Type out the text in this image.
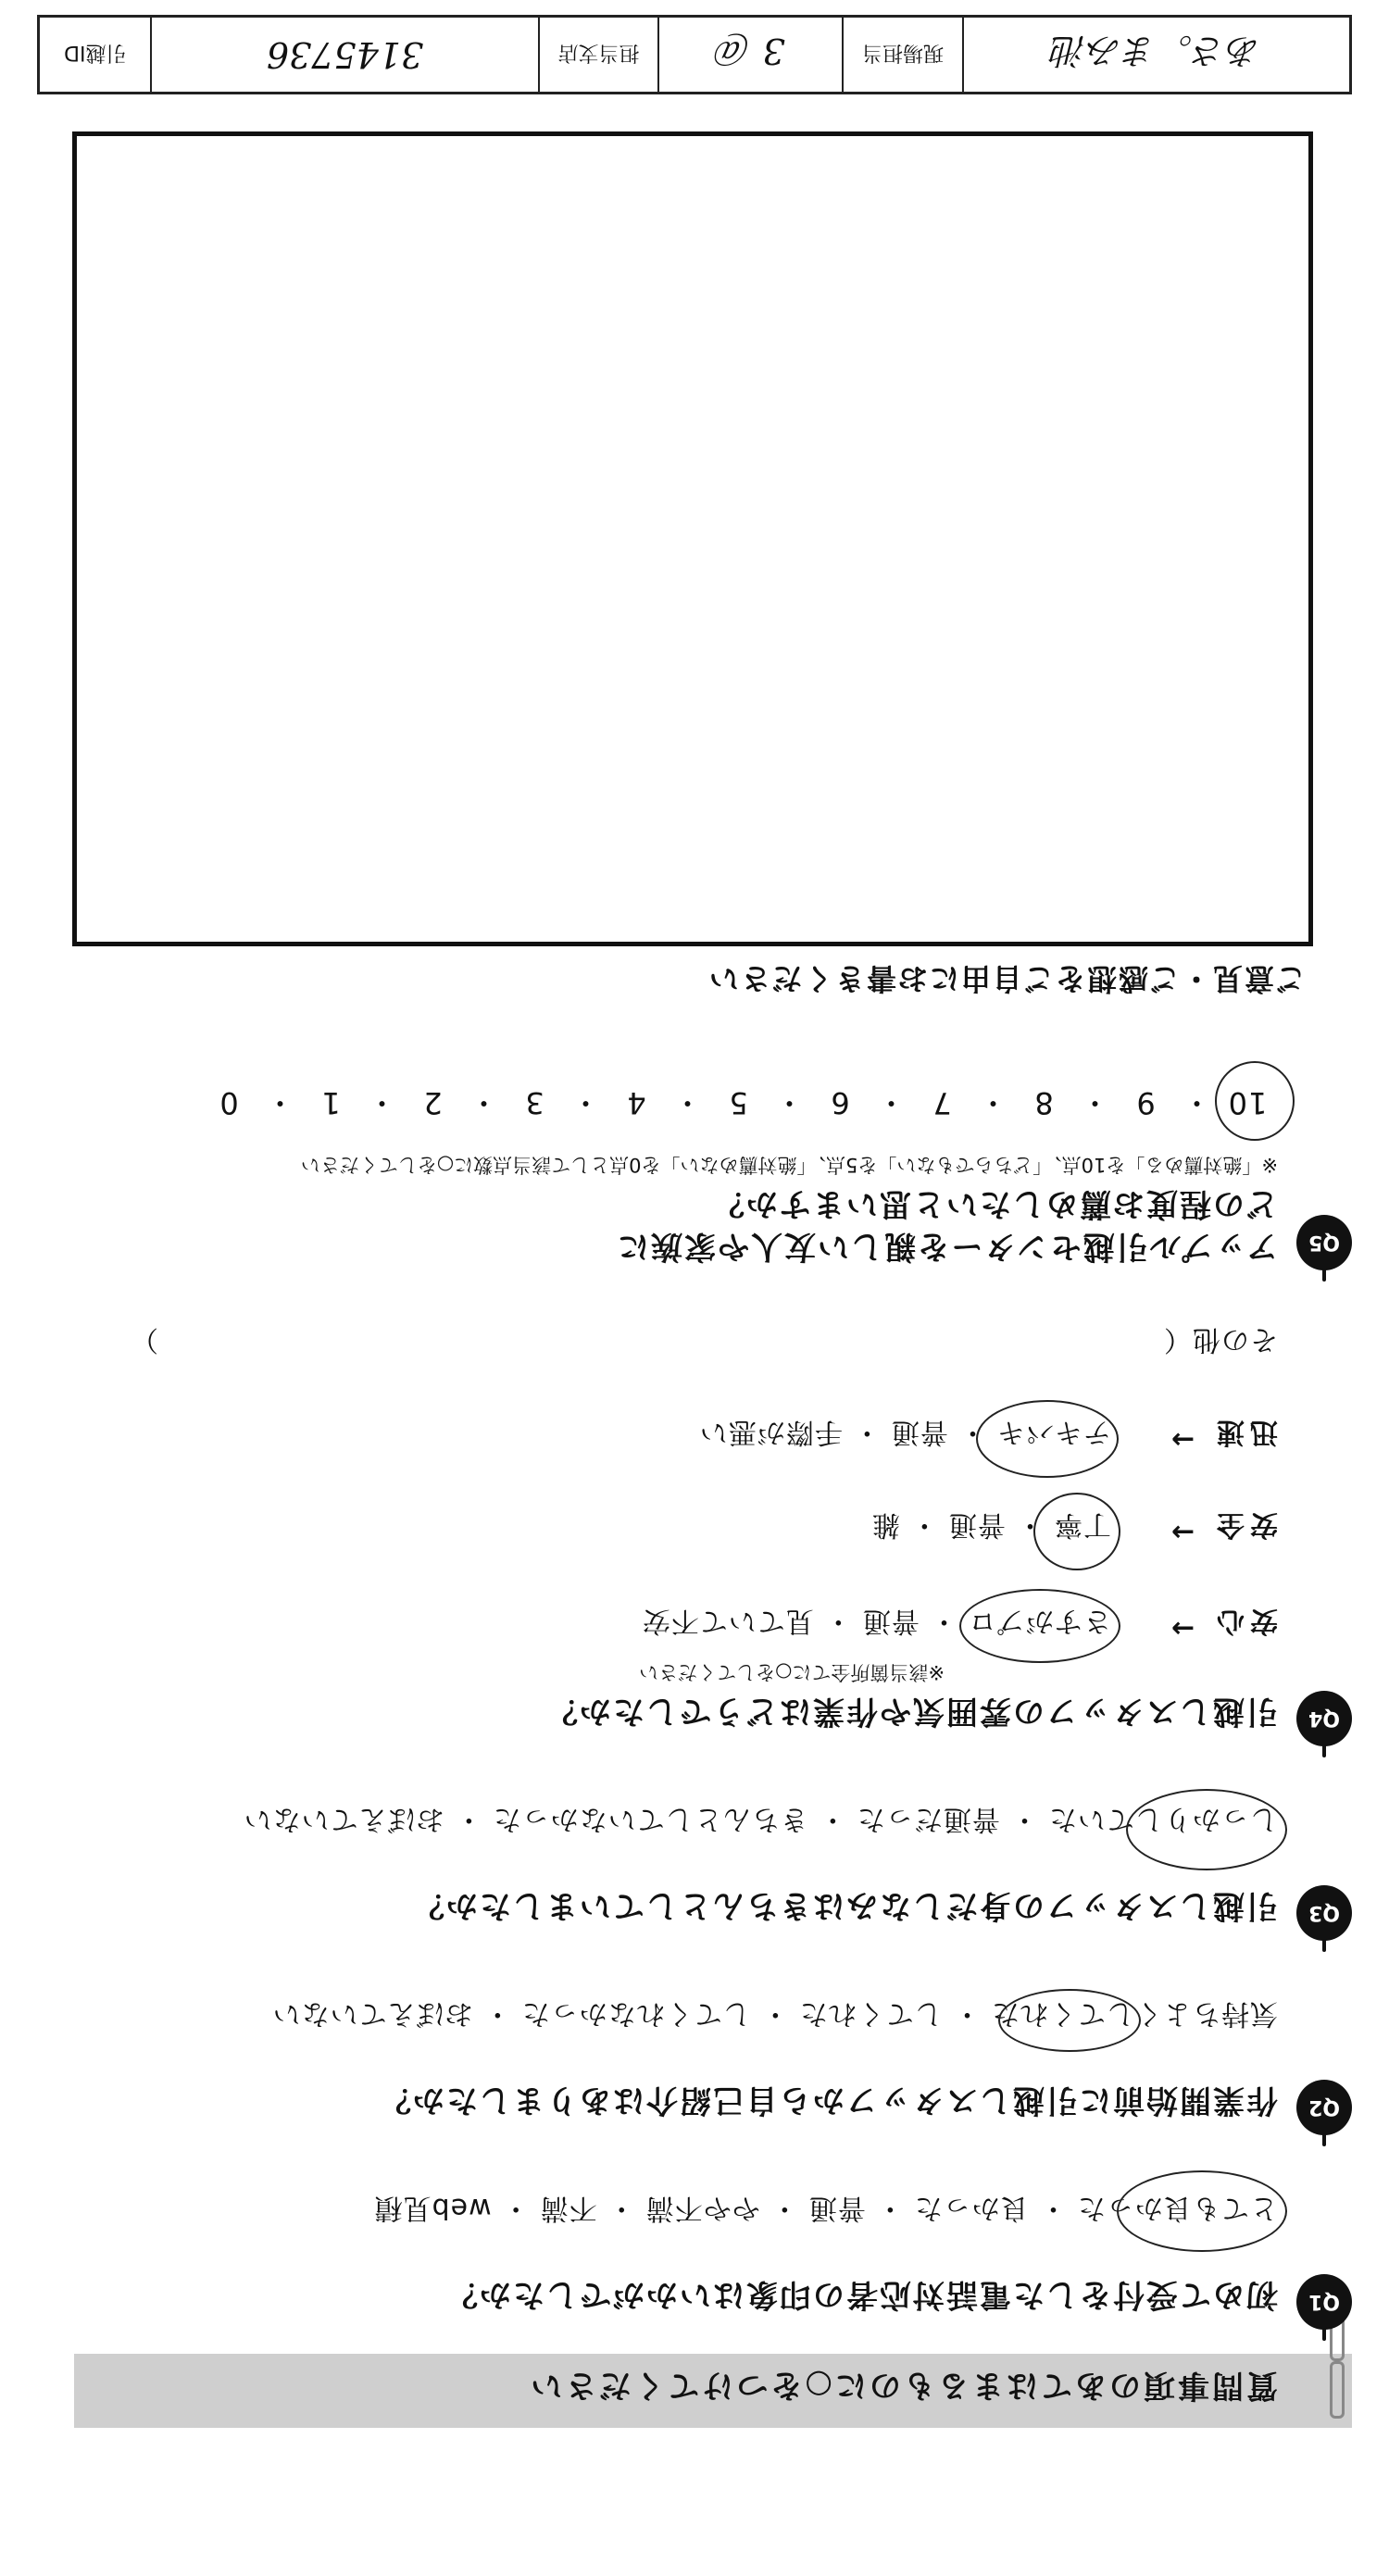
質問事項のあてはまるものに○をつけてください
Q1
初めて受付をした電話対応者の印象はいかがでしたか？
とても良かった ・ 良かった ・ 普通 ・ やや不満 ・ 不満 ・ web見積
Q2
作業開始前に引越しスタッフから自己紹介はありましたか？
気持ちよくしてくれた ・ してくれた ・ してくれなかった ・ おぼえていない
Q3
引越しスタッフの身だしなみはきちんとしていましたか？
しっかりしていた ・ 普通だった ・ きちんとしていなかった ・ おぼえていない
Q4
引越しスタッフの雰囲気や作業はどうでしたか？
※該当箇所全てに○をしてください
安心
→
さすがプロ ・ 普通 ・ 見ていて不安
安全
→
丁寧 ・ 普通 ・ 雑
迅速
→
テキパキ ・ 普通 ・ 手際が悪い
その他（　　　　　　　　　　　　　　　　　　　　　　　　　　　　　　　　　　　）
Q5
アップル引越センターを親しい友人や家族に
どの程度お薦めしたいと思いますか？
※「絶対薦める」を10点、「どちらでもない」を5点、「絶対薦めない」を0点として該当点数に○をしてください
10・9・8・7・6・5・4・3・2・1・0
ご意見・ご感想をご自由にお書きください
あさ。まみ池
現場担当
3 ＠
担当支店
3145736
引越ID
